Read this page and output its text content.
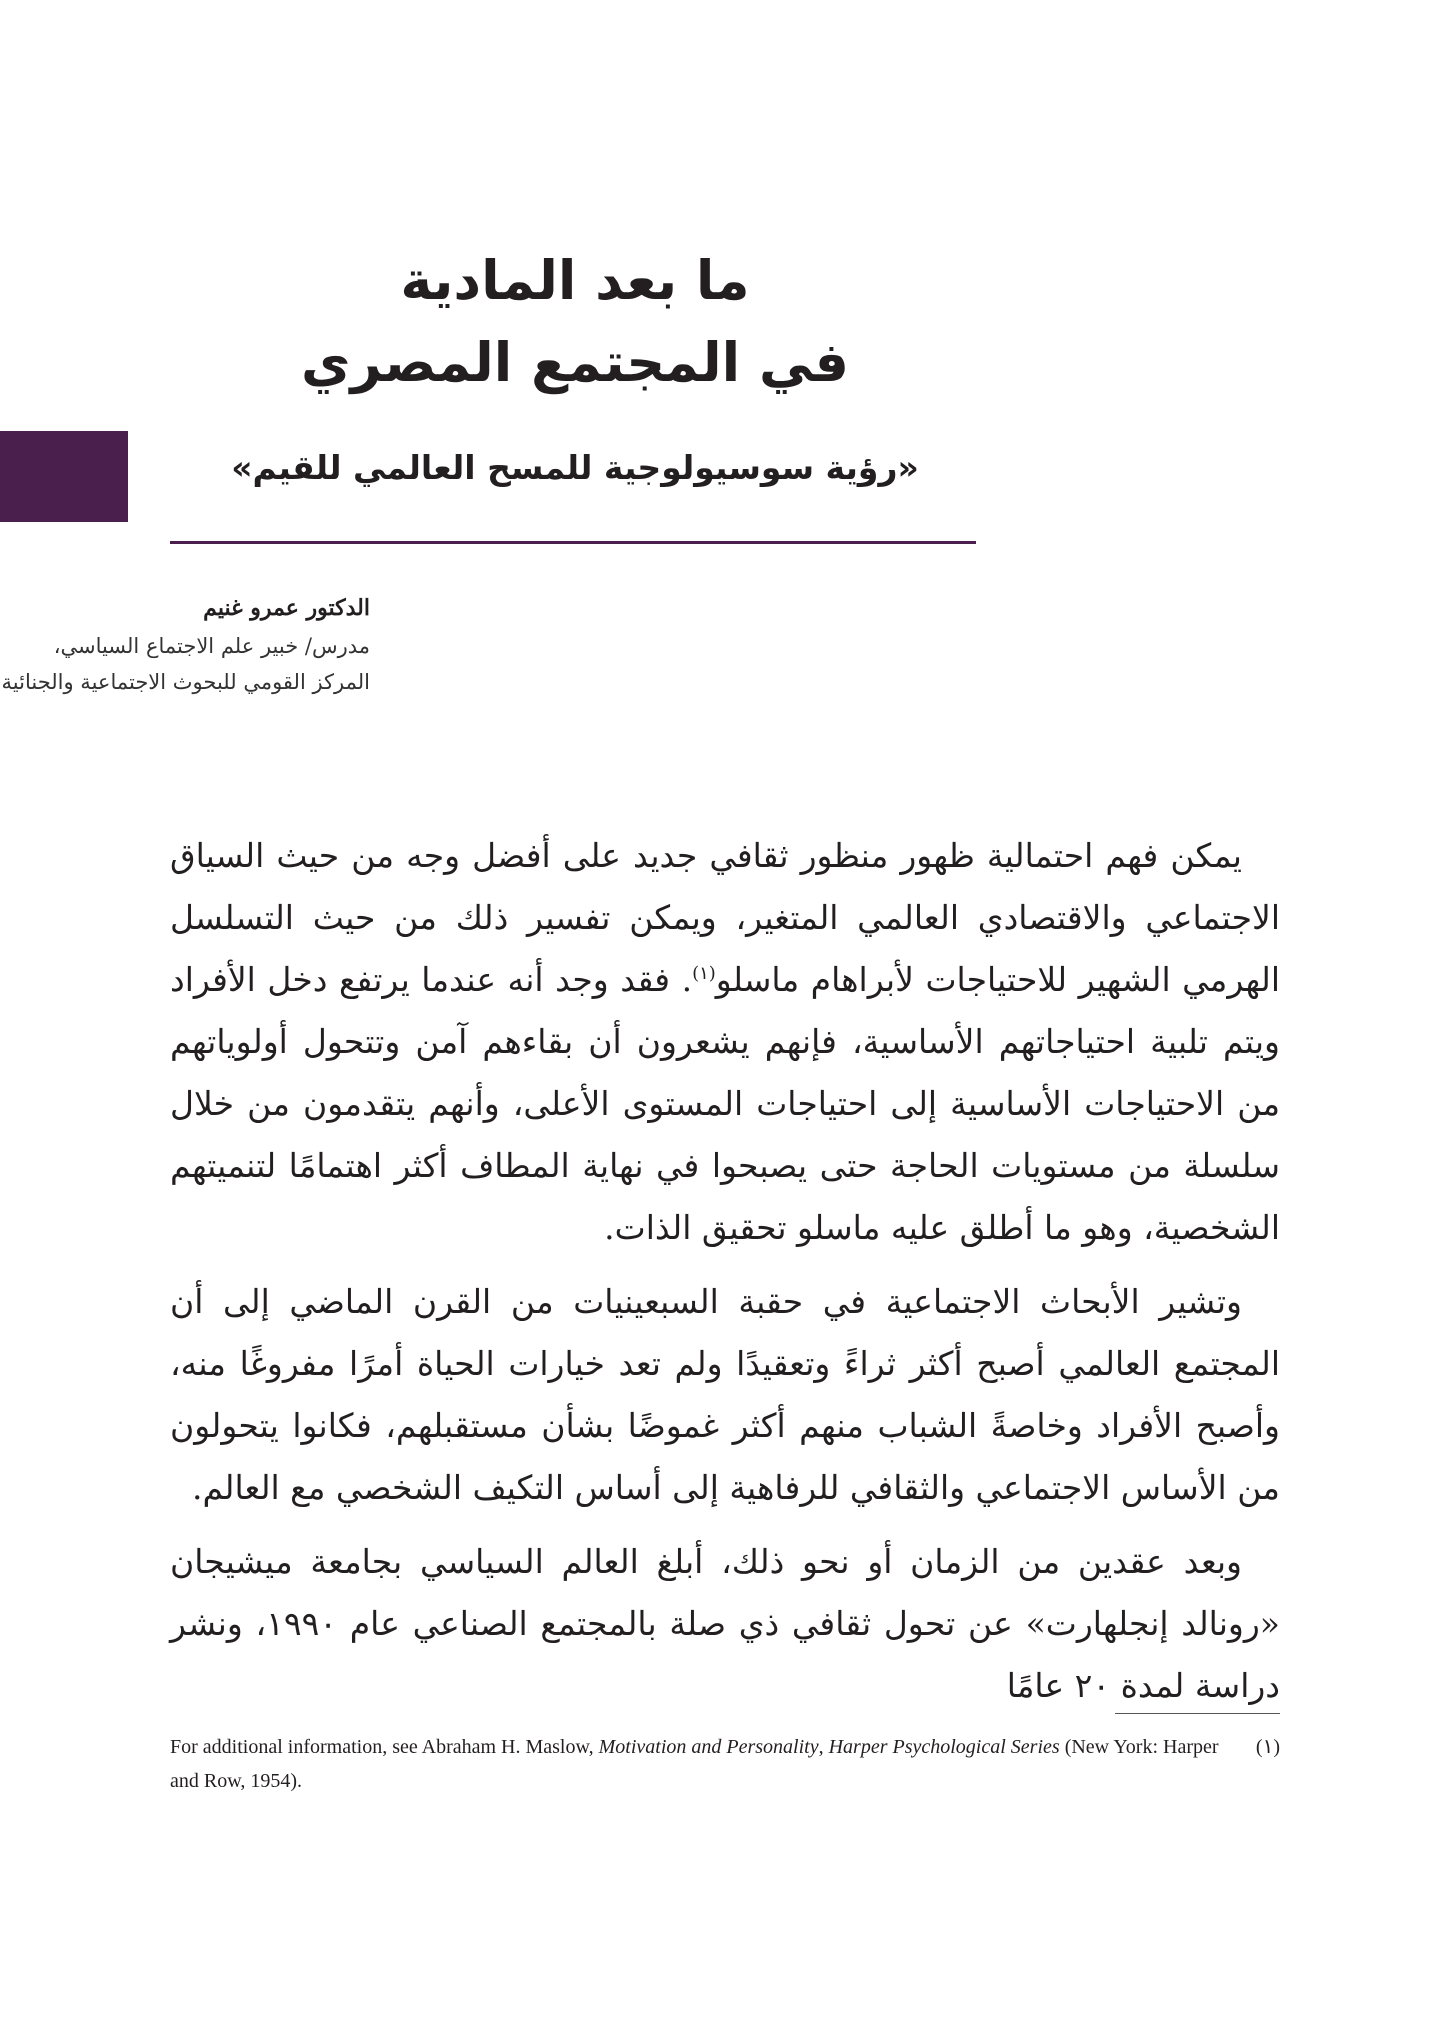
ما بعد المادية
في المجتمع المصري
«رؤية سوسيولوجية للمسح العالمي للقيم»
الدكتور عمرو غنيم
مدرس/ خبير علم الاجتماع السياسي،
المركز القومي للبحوث الاجتماعية والجنائية

يمكن فهم احتمالية ظهور منظور ثقافي جديد على أفضل وجه من حيث السياق الاجتماعي والاقتصادي العالمي المتغير، ويمكن تفسير ذلك من حيث التسلسل الهرمي الشهير للاحتياجات لأبراهام ماسلو$^{(١)}$. فقد وجد أنه عندما يرتفع دخل الأفراد ويتم تلبية احتياجاتهم الأساسية، فإنهم يشعرون أن بقاءهم آمن وتتحول أولوياتهم من الاحتياجات الأساسية إلى احتياجات المستوى الأعلى، وأنهم يتقدمون من خلال سلسلة من مستويات الحاجة حتى يصبحوا في نهاية المطاف أكثر اهتمامًا لتنميتهم الشخصية، وهو ما أطلق عليه ماسلو تحقيق الذات.

وتشير الأبحاث الاجتماعية في حقبة السبعينيات من القرن الماضي إلى أن المجتمع العالمي أصبح أكثر ثراءً وتعقيدًا ولم تعد خيارات الحياة أمرًا مفروغًا منه، وأصبح الأفراد وخاصةً الشباب منهم أكثر غموضًا بشأن مستقبلهم، فكانوا يتحولون من الأساس الاجتماعي والثقافي للرفاهية إلى أساس التكيف الشخصي مع العالم.

وبعد عقدين من الزمان أو نحو ذلك، أبلغ العالم السياسي بجامعة ميشيجان «رونالد إنجلهارت» عن تحول ثقافي ذي صلة بالمجتمع الصناعي عام ١٩٩٠، ونشر دراسة لمدة ٢٠ عامًا

(١)
For additional information, see Abraham H. Maslow, Motivation and Personality, Harper Psychological Series (New York: Harper and Row, 1954).
